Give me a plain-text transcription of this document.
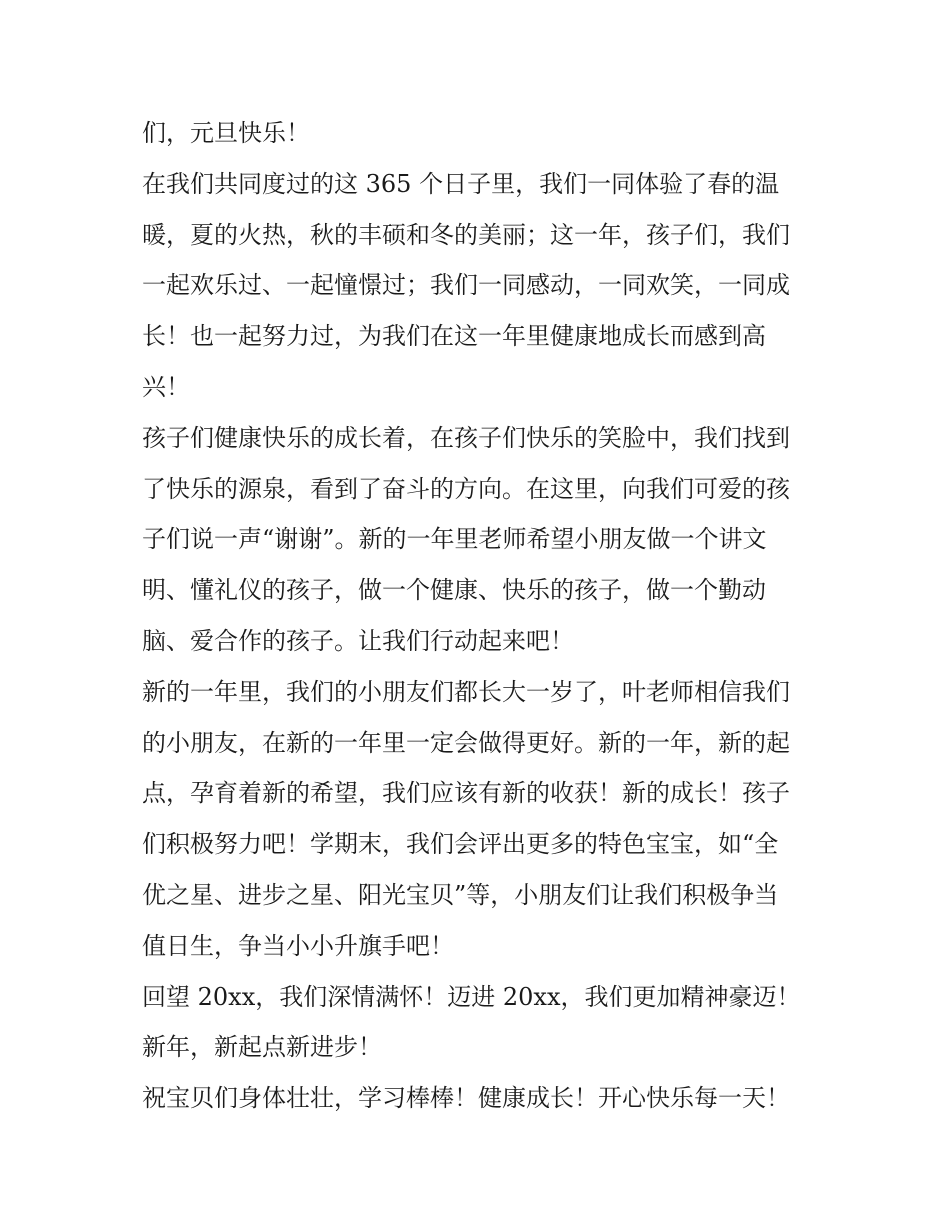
们，元旦快乐！
在我们共同度过的这 365 个日子里，我们一同体验了春的温
暖，夏的火热，秋的丰硕和冬的美丽；这一年，孩子们，我们
一起欢乐过、一起憧憬过；我们一同感动，一同欢笑，一同成
长！也一起努力过，为我们在这一年里健康地成长而感到高
兴！
孩子们健康快乐的成长着，在孩子们快乐的笑脸中，我们找到
了快乐的源泉，看到了奋斗的方向。在这里，向我们可爱的孩
子们说一声“谢谢”。新的一年里老师希望小朋友做一个讲文
明、懂礼仪的孩子，做一个健康、快乐的孩子，做一个勤动
脑、爱合作的孩子。让我们行动起来吧！
新的一年里，我们的小朋友们都长大一岁了，叶老师相信我们
的小朋友，在新的一年里一定会做得更好。新的一年，新的起
点，孕育着新的希望，我们应该有新的收获！新的成长！孩子
们积极努力吧！学期末，我们会评出更多的特色宝宝，如“全
优之星、进步之星、阳光宝贝”等，小朋友们让我们积极争当
值日生，争当小小升旗手吧！
回望 20xx，我们深情满怀！迈进 20xx，我们更加精神豪迈！
新年，新起点新进步！
祝宝贝们身体壮壮，学习棒棒！健康成长！开心快乐每一天！
